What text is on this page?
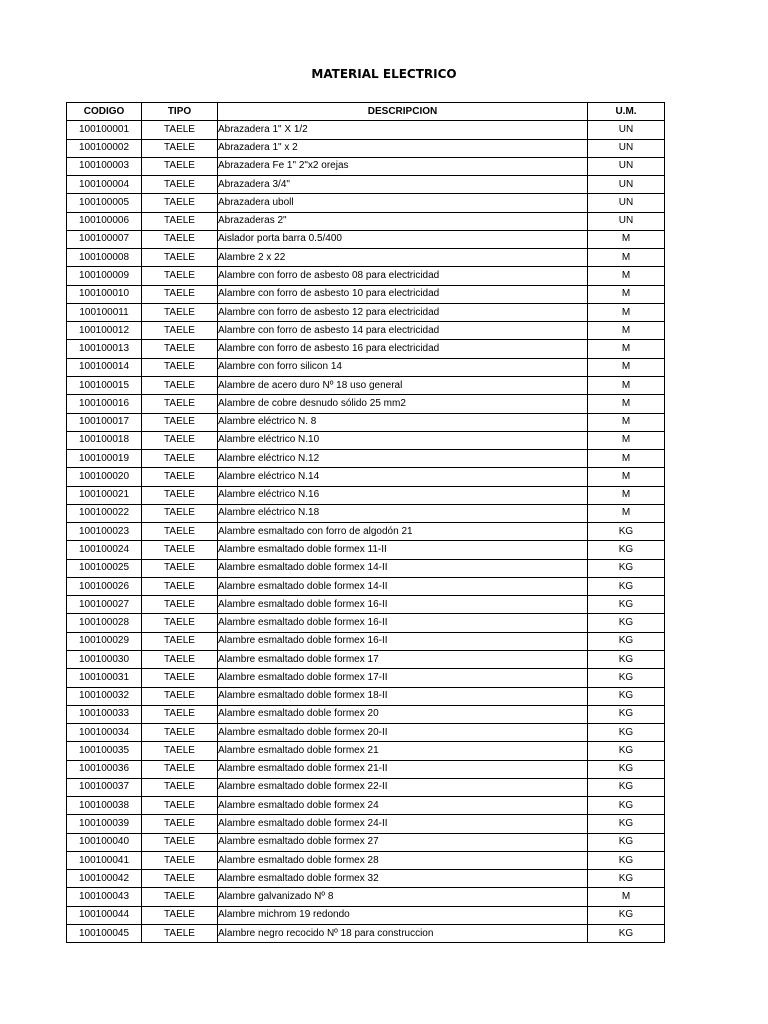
MATERIAL ELECTRICO
CODIGO	TIPO	DESCRIPCION	U.M.
100100001	TAELE	Abrazadera 1" X 1/2	UN
100100002	TAELE	Abrazadera 1" x 2	UN
100100003	TAELE	Abrazadera Fe 1" 2"x2 orejas	UN
100100004	TAELE	Abrazadera 3/4"	UN
100100005	TAELE	Abrazadera uboll	UN
100100006	TAELE	Abrazaderas 2"	UN
100100007	TAELE	Aislador porta barra 0.5/400	M
100100008	TAELE	Alambre 2 x 22	M
100100009	TAELE	Alambre con forro de asbesto 08 para electricidad	M
100100010	TAELE	Alambre con forro de asbesto 10 para electricidad	M
100100011	TAELE	Alambre con forro de asbesto 12 para electricidad	M
100100012	TAELE	Alambre con forro de asbesto 14 para electricidad	M
100100013	TAELE	Alambre con forro de asbesto 16 para electricidad	M
100100014	TAELE	Alambre con forro silicon 14	M
100100015	TAELE	Alambre de acero duro Nº 18 uso general	M
100100016	TAELE	Alambre de cobre desnudo sólido 25 mm2	M
100100017	TAELE	Alambre eléctrico N. 8	M
100100018	TAELE	Alambre eléctrico N.10	M
100100019	TAELE	Alambre eléctrico N.12	M
100100020	TAELE	Alambre eléctrico N.14	M
100100021	TAELE	Alambre eléctrico N.16	M
100100022	TAELE	Alambre eléctrico N.18	M
100100023	TAELE	Alambre esmaltado con forro de algodón 21	KG
100100024	TAELE	Alambre esmaltado doble formex 11-II	KG
100100025	TAELE	Alambre esmaltado doble formex 14-II	KG
100100026	TAELE	Alambre esmaltado doble formex 14-II	KG
100100027	TAELE	Alambre esmaltado doble formex 16-II	KG
100100028	TAELE	Alambre esmaltado doble formex 16-II	KG
100100029	TAELE	Alambre esmaltado doble formex 16-II	KG
100100030	TAELE	Alambre esmaltado doble formex 17	KG
100100031	TAELE	Alambre esmaltado doble formex 17-II	KG
100100032	TAELE	Alambre esmaltado doble formex 18-II	KG
100100033	TAELE	Alambre esmaltado doble formex 20	KG
100100034	TAELE	Alambre esmaltado doble formex 20-II	KG
100100035	TAELE	Alambre esmaltado doble formex 21	KG
100100036	TAELE	Alambre esmaltado doble formex 21-II	KG
100100037	TAELE	Alambre esmaltado doble formex 22-II	KG
100100038	TAELE	Alambre esmaltado doble formex 24	KG
100100039	TAELE	Alambre esmaltado doble formex 24-II	KG
100100040	TAELE	Alambre esmaltado doble formex 27	KG
100100041	TAELE	Alambre esmaltado doble formex 28	KG
100100042	TAELE	Alambre esmaltado doble formex 32	KG
100100043	TAELE	Alambre galvanizado Nº 8	M
100100044	TAELE	Alambre michrom 19 redondo	KG
100100045	TAELE	Alambre negro recocido Nº 18 para construccion	KG
